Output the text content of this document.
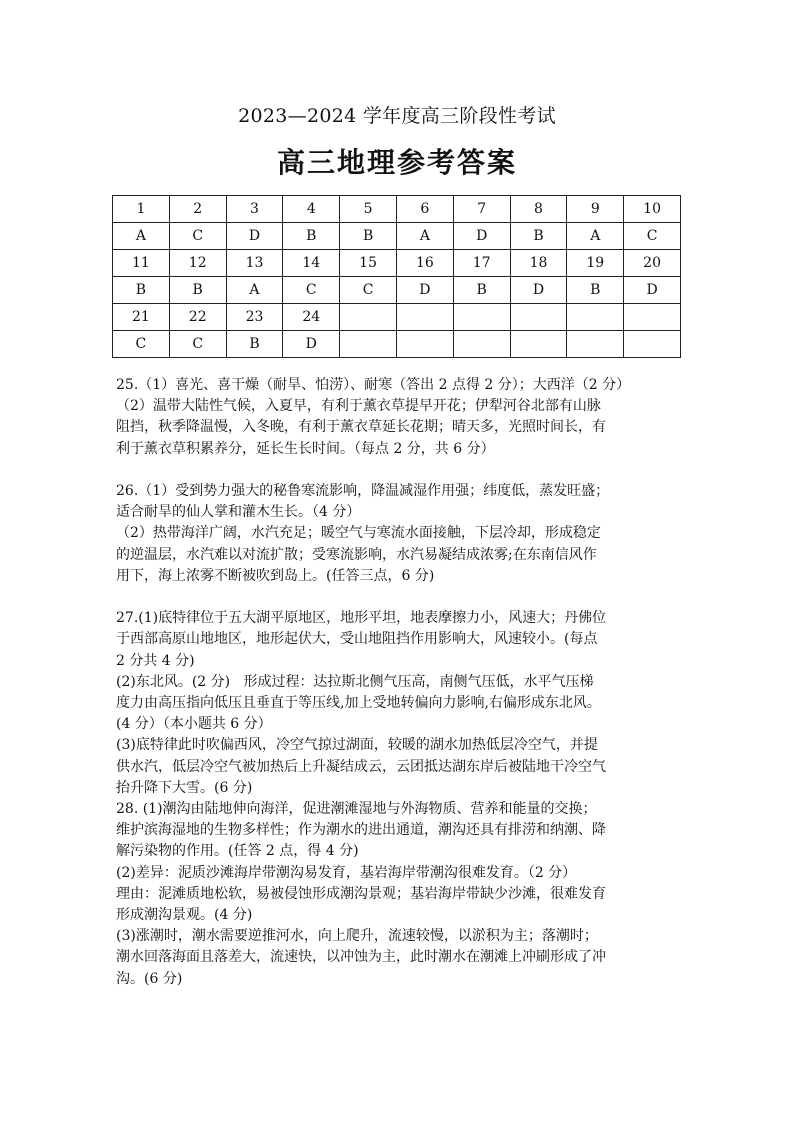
2023—2024 学年度高三阶段性考试
高三地理参考答案
1	2	3	4	5	6	7	8	9	10
A	C	D	B	B	A	D	B	A	C
11	12	13	14	15	16	17	18	19	20
B	B	A	C	C	D	B	D	B	D
21	22	23	24						
C	C	B	D						

25.（1）喜光、喜干燥（耐旱、怕涝）、耐寒（答出 2 点得 2 分）；大西洋（2 分）

（2）温带大陆性气候，入夏早，有利于薰衣草提早开花；伊犁河谷北部有山脉

阻挡，秋季降温慢，入冬晚，有利于薰衣草延长花期；晴天多，光照时间长，有

利于薰衣草积累养分，延长生长时间。（每点 2 分，共 6 分）

26.（1）受到势力强大的秘鲁寒流影响，降温减湿作用强；纬度低，蒸发旺盛；

适合耐旱的仙人掌和灌木生长。（4 分）

（2）热带海洋广阔，水汽充足；暖空气与寒流水面接触，下层冷却，形成稳定

的逆温层，水汽难以对流扩散；受寒流影响，水汽易凝结成浓雾;在东南信风作

用下，海上浓雾不断被吹到岛上。(任答三点，6 分)

27.(1)底特律位于五大湖平原地区，地形平坦，地表摩擦力小，风速大；丹佛位

于西部高原山地地区，地形起伏大，受山地阻挡作用影响大，风速较小。(每点

2 分共 4 分)

(2)东北风。(2 分)   形成过程：达拉斯北侧气压高，南侧气压低，水平气压梯

度力由高压指向低压且垂直于等压线,加上受地转偏向力影响,右偏形成东北风。

(4 分）（本小题共 6 分）

(3)底特律此时吹偏西风，冷空气掠过湖面，较暖的湖水加热低层冷空气，并提

供水汽，低层冷空气被加热后上升凝结成云，云团抵达湖东岸后被陆地干冷空气

抬升降下大雪。(6 分)

28. (1)潮沟由陆地伸向海洋，促进潮滩湿地与外海物质、营养和能量的交换；

维护滨海湿地的生物多样性；作为潮水的进出通道，潮沟还具有排涝和纳潮、降

解污染物的作用。(任答 2 点，得 4 分)

(2)差异：泥质沙滩海岸带潮沟易发育，基岩海岸带潮沟很难发育。（2 分）

理由：泥滩质地松软，易被侵蚀形成潮沟景观；基岩海岸带缺少沙滩，很难发育

形成潮沟景观。(4 分)

(3)涨潮时，潮水需要逆推河水，向上爬升，流速较慢，以淤积为主；落潮时；

潮水回落海面且落差大，流速快，以冲蚀为主，此时潮水在潮滩上冲刷形成了冲

沟。(6 分)
